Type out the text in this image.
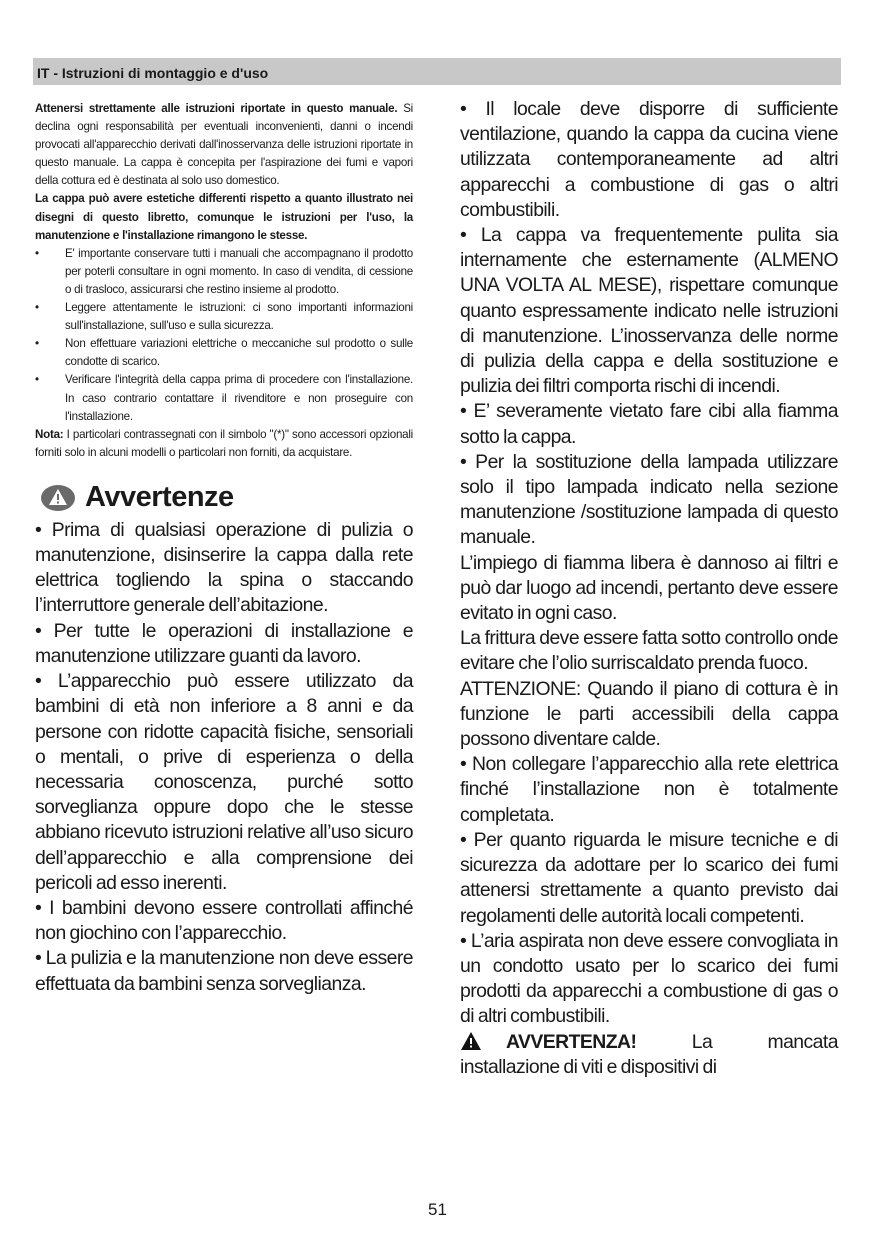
IT - Istruzioni di montaggio e d'uso

Attenersi strettamente alle istruzioni riportate in questo manuale. Si declina ogni responsabilità per eventuali inconvenienti, danni o incendi provocati all'apparecchio derivati dall'inosservanza delle istruzioni riportate in questo manuale. La cappa è concepita per l'aspirazione dei fumi e vapori della cottura ed è destinata al solo uso domestico.

La cappa può avere estetiche differenti rispetto a quanto illustrato nei disegni di questo libretto, comunque le istruzioni per l'uso, la manutenzione e l'installazione rimangono le stesse.

• E' importante conservare tutti i manuali che accompagnano il prodotto per poterli consultare in ogni momento. In caso di vendita, di cessione o di trasloco, assicurarsi che restino insieme al prodotto.
• Leggere attentamente le istruzioni: ci sono importanti informazioni sull'installazione, sull'uso e sulla sicurezza.
• Non effettuare variazioni elettriche o meccaniche sul prodotto o sulle condotte di scarico.
• Verificare l'integrità della cappa prima di procedere con l'installazione. In caso contrario contattare il rivenditore e non proseguire con l'installazione.

Nota: I particolari contrassegnati con il simbolo "(*)" sono accessori opzionali forniti solo in alcuni modelli o particolari non forniti, da acquistare.

Avvertenze

• Prima di qualsiasi operazione di pulizia o manutenzione, disinserire la cappa dalla rete elettrica togliendo la spina o staccando l’interruttore generale dell’abitazione.

• Per tutte le operazioni di installazione e manutenzione utilizzare guanti da lavoro.

• L’apparecchio può essere utilizzato da bambini di età non inferiore a 8 anni e da persone con ridotte capacità fisiche, sensoriali o mentali, o prive di esperienza o della necessaria conoscenza, purché sotto sorveglianza oppure dopo che le stesse abbiano ricevuto istruzioni relative all’uso sicuro dell’apparecchio e alla comprensione dei pericoli ad esso inerenti.

• I bambini devono essere controllati affinché non giochino con l’apparecchio.

• La pulizia e la manutenzione non deve essere effettuata da bambini senza sorveglianza.

• Il locale deve disporre di sufficiente ventilazione, quando la cappa da cucina viene utilizzata contemporaneamente ad altri apparecchi a combustione di gas o altri combustibili.

• La cappa va frequentemente pulita sia internamente che esternamente (ALMENO UNA VOLTA AL MESE), rispettare comunque quanto espressamente indicato nelle istruzioni di manutenzione. L’inosservanza delle norme di pulizia della cappa e della sostituzione e pulizia dei filtri comporta rischi di incendi.

• E’ severamente vietato fare cibi alla fiamma sotto la cappa.

• Per la sostituzione della lampada utilizzare solo il tipo lampada indicato nella sezione manutenzione /sostituzione lampada di questo manuale.

L’impiego di fiamma libera è dannoso ai filtri e può dar luogo ad incendi, pertanto deve essere evitato in ogni caso.

La frittura deve essere fatta sotto controllo onde evitare che l’olio surriscaldato prenda fuoco.

ATTENZIONE: Quando il piano di cottura è in funzione le parti accessibili della cappa possono diventare calde.

• Non collegare l’apparecchio alla rete elettrica finché l’installazione non è totalmente completata.

• Per quanto riguarda le misure tecniche e di sicurezza da adottare per lo scarico dei fumi attenersi strettamente a quanto previsto dai regolamenti delle autorità locali competenti.

• L’aria aspirata non deve essere convogliata in un condotto usato per lo scarico dei fumi prodotti da apparecchi a combustione di gas o di altri combustibili.

AVVERTENZA! La mancata installazione di viti e dispositivi di

51
